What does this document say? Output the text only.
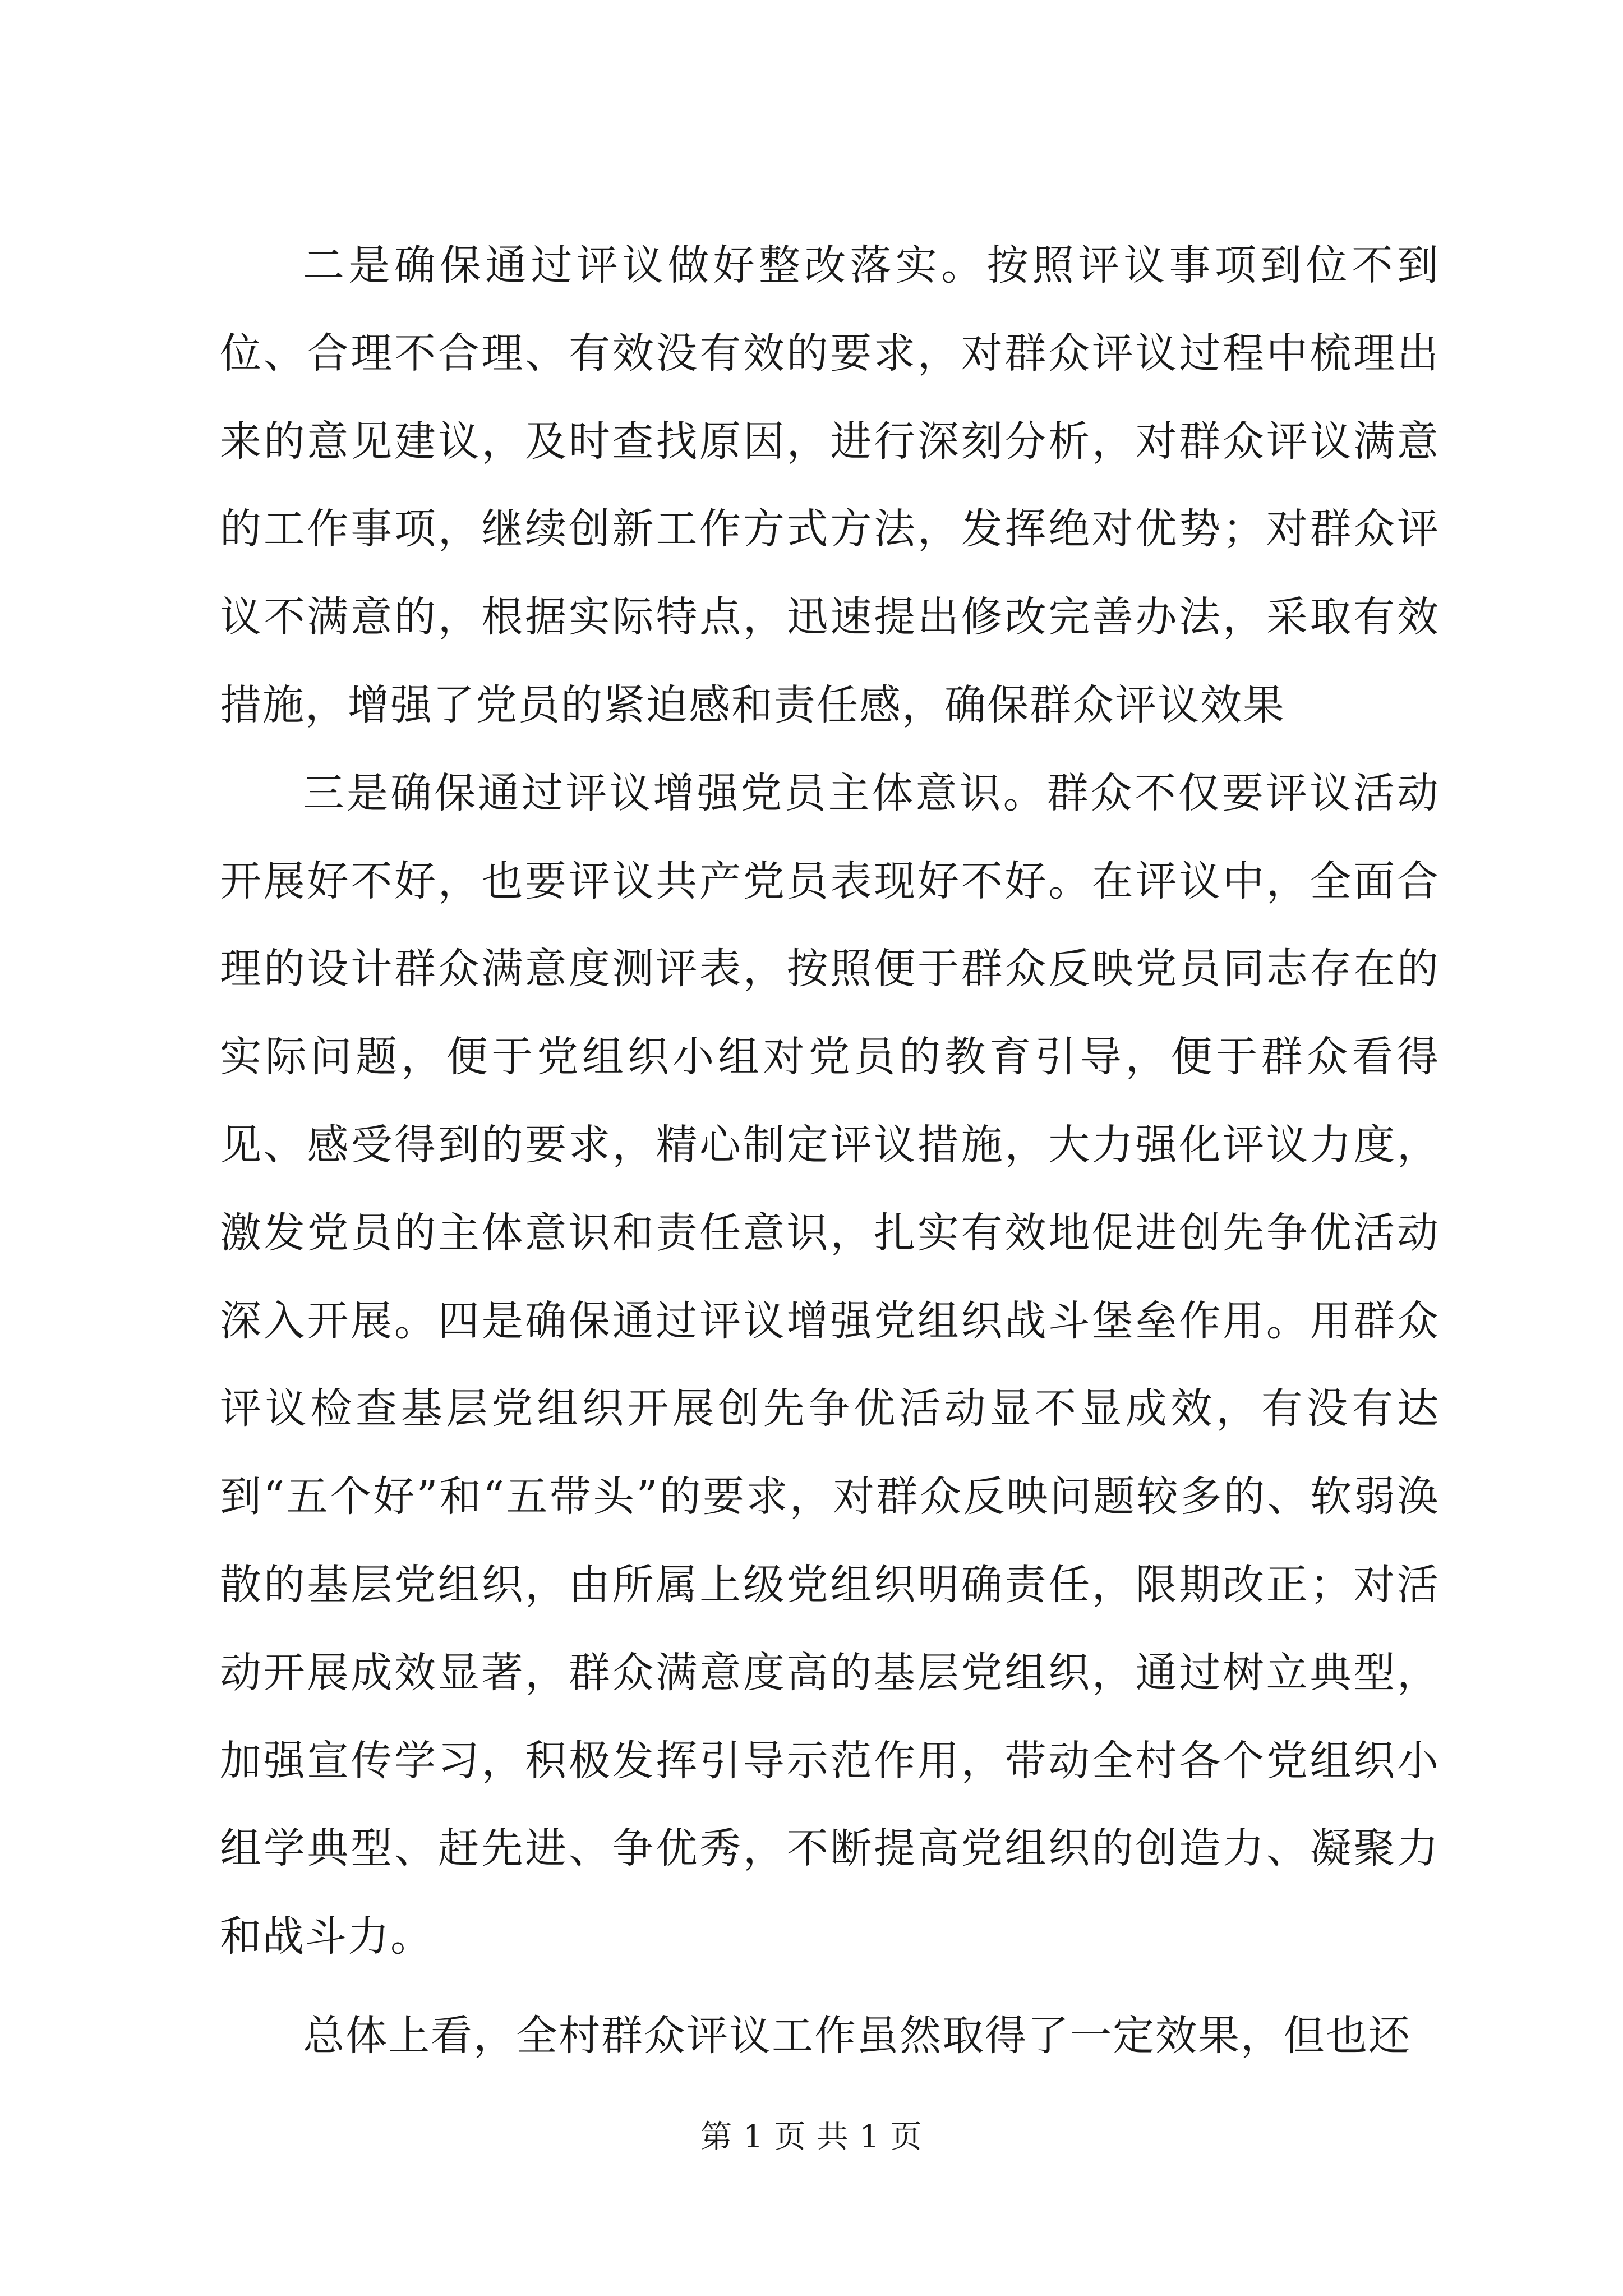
二是确保通过评议做好整改落实。按照评议事项到位不到位、合理不合理、有效没有效的要求，对群众评议过程中梳理出来的意见建议，及时查找原因，进行深刻分析，对群众评议满意的工作事项，继续创新工作方式方法，发挥绝对优势；对群众评议不满意的，根据实际特点，迅速提出修改完善办法，采取有效措施，增强了党员的紧迫感和责任感，确保群众评议效果

三是确保通过评议增强党员主体意识。群众不仅要评议活动开展好不好，也要评议共产党员表现好不好。在评议中，全面合理的设计群众满意度测评表，按照便于群众反映党员同志存在的实际问题，便于党组织小组对党员的教育引导，便于群众看得见、感受得到的要求，精心制定评议措施，大力强化评议力度，激发党员的主体意识和责任意识，扎实有效地促进创先争优活动深入开展。四是确保通过评议增强党组织战斗堡垒作用。用群众评议检查基层党组织开展创先争优活动显不显成效，有没有达到“五个好”和“五带头”的要求，对群众反映问题较多的、软弱涣散的基层党组织，由所属上级党组织明确责任，限期改正；对活动开展成效显著，群众满意度高的基层党组织，通过树立典型，加强宣传学习，积极发挥引导示范作用，带动全村各个党组织小组学典型、赶先进、争优秀，不断提高党组织的创造力、凝聚力和战斗力。

总体上看，全村群众评议工作虽然取得了一定效果，但也还

第 1 页 共 1 页
